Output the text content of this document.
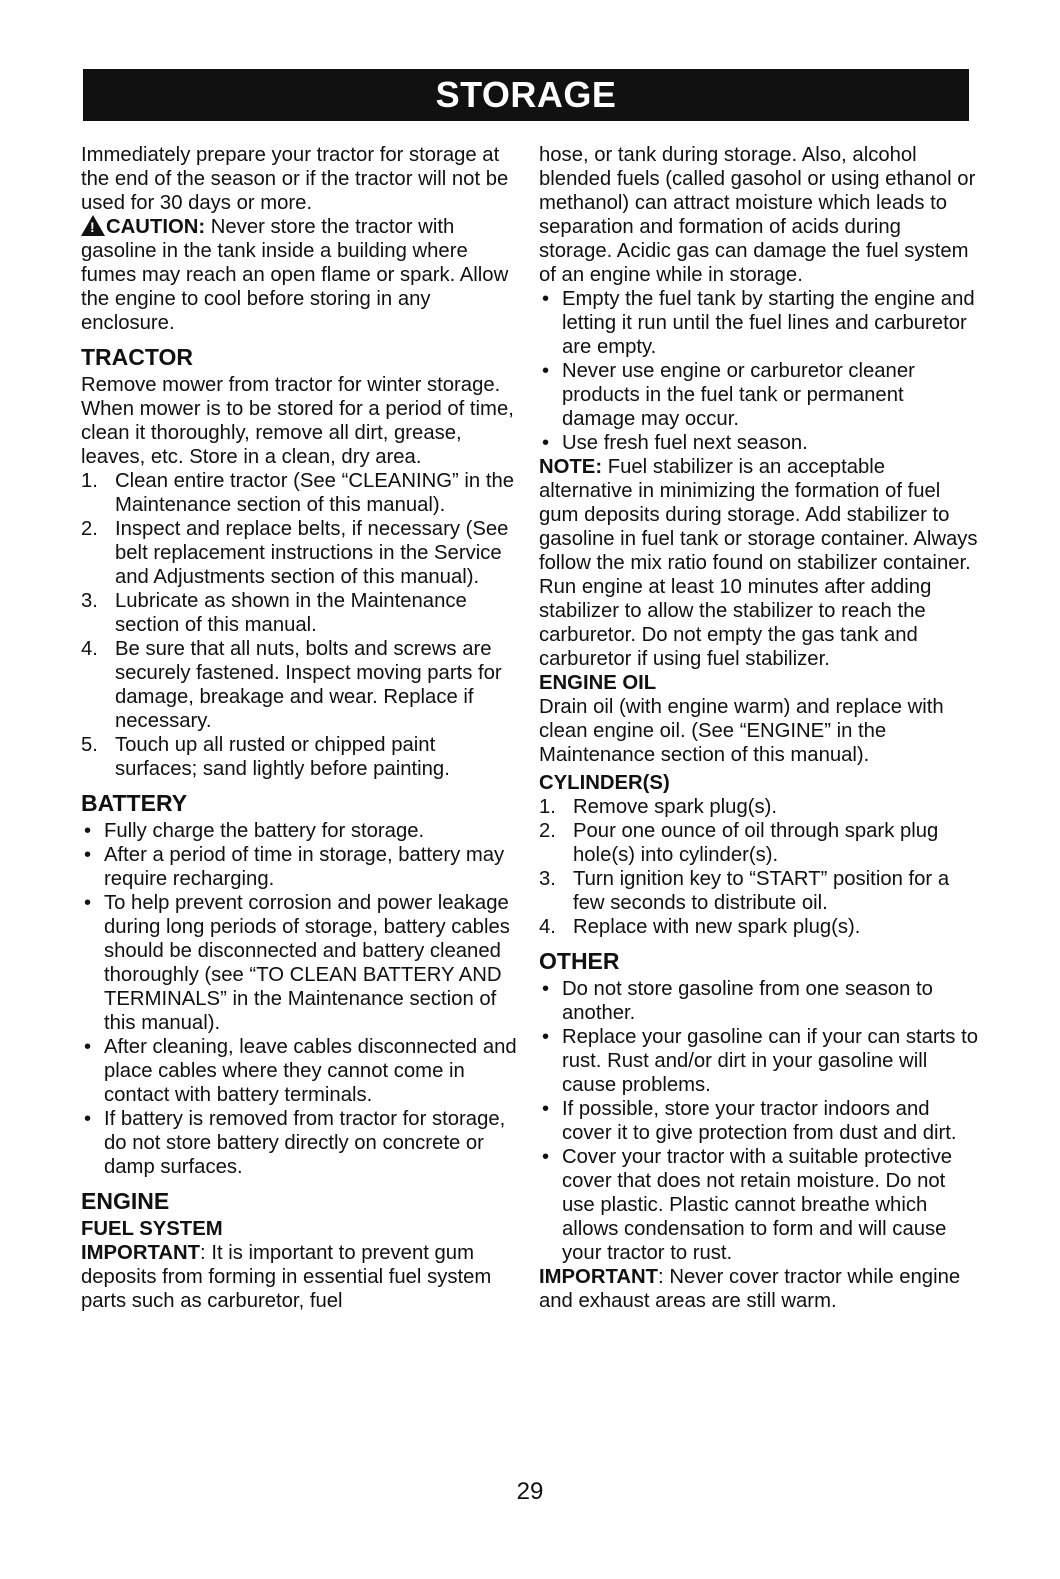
STORAGE

Immediately prepare your tractor for storage at the end of the season or if the tractor will not be used for 30 days or more.

! CAUTION: Never store the tractor with gasoline in the tank inside a building where fumes may reach an open flame or spark. Allow the engine to cool before storing in any enclosure.

TRACTOR

Remove mower from tractor for winter storage. When mower is to be stored for a period of time, clean it thoroughly, remove all dirt, grease, leaves, etc. Store in a clean, dry area.

1. Clean entire tractor (See “CLEANING” in the Maintenance section of this manual).
2. Inspect and replace belts, if necessary (See belt replacement instructions in the Service and Adjustments section of this manual).
3. Lubricate as shown in the Maintenance section of this manual.
4. Be sure that all nuts, bolts and screws are securely fastened. Inspect moving parts for damage, breakage and wear. Replace if necessary.
5. Touch up all rusted or chipped paint surfaces; sand lightly before painting.
BATTERY
• Fully charge the battery for storage.
• After a period of time in storage, battery may require recharging.
• To help prevent corrosion and power leakage during long periods of storage, battery cables should be disconnected and battery cleaned thoroughly (see “TO CLEAN BATTERY AND TERMINALS” in the Maintenance section of this manual).
• After cleaning, leave cables disconnected and place cables where they cannot come in contact with battery terminals.
• If battery is removed from tractor for storage, do not store battery directly on concrete or damp surfaces.
ENGINE
FUEL SYSTEM

IMPORTANT: It is important to prevent gum deposits from forming in essential fuel system parts such as carburetor, fuel

hose, or tank during storage. Also, alcohol blended fuels (called gasohol or using ethanol or methanol) can attract moisture which leads to separation and formation of acids during storage. Acidic gas can damage the fuel system of an engine while in storage.

• Empty the fuel tank by starting the engine and letting it run until the fuel lines and carburetor are empty.
• Never use engine or carburetor cleaner products in the fuel tank or permanent damage may occur.
• Use fresh fuel next season.

NOTE: Fuel stabilizer is an acceptable alternative in minimizing the formation of fuel gum deposits during storage. Add stabilizer to gasoline in fuel tank or storage container. Always follow the mix ratio found on stabilizer container. Run engine at least 10 minutes after adding stabilizer to allow the stabilizer to reach the carburetor. Do not empty the gas tank and carburetor if using fuel stabilizer.

ENGINE OIL

Drain oil (with engine warm) and replace with clean engine oil. (See “ENGINE” in the Maintenance section of this manual).

CYLINDER(S)
1. Remove spark plug(s).
2. Pour one ounce of oil through spark plug hole(s) into cylinder(s).
3. Turn ignition key to “START” position for a few seconds to distribute oil.
4. Replace with new spark plug(s).
OTHER
• Do not store gasoline from one season to another.
• Replace your gasoline can if your can starts to rust. Rust and/or dirt in your gasoline will cause problems.
• If possible, store your tractor indoors and cover it to give protection from dust and dirt.
• Cover your tractor with a suitable protective cover that does not retain moisture. Do not use plastic. Plastic cannot breathe which allows condensation to form and will cause your tractor to rust.

IMPORTANT: Never cover tractor while engine and exhaust areas are still warm.

29
